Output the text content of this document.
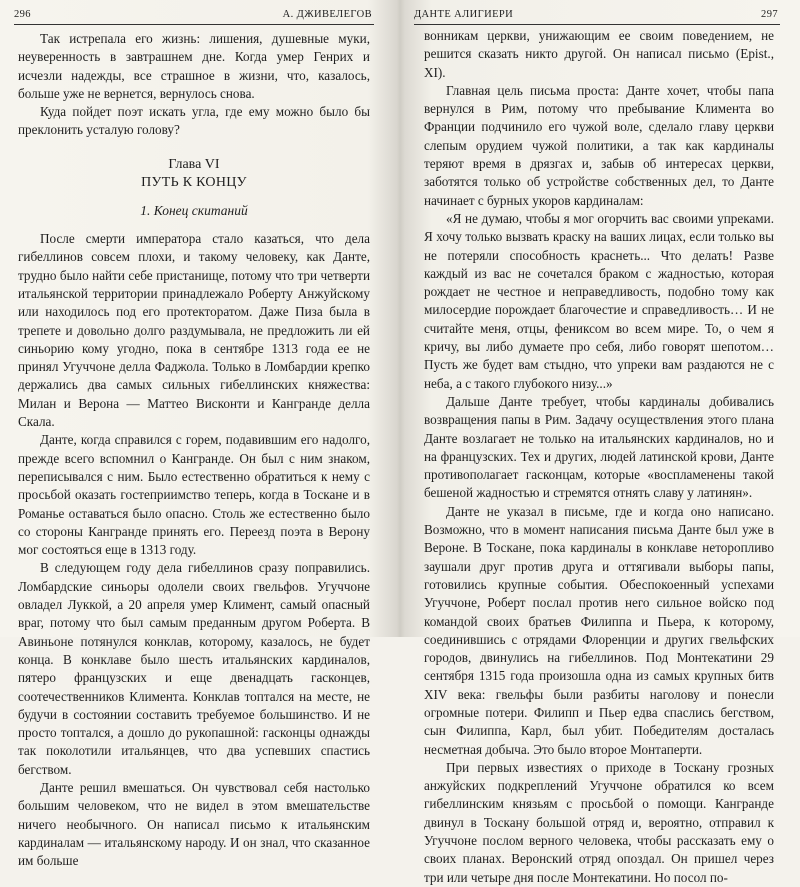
296	А. ДЖИВЕЛЕГОВ

Так истрепала его жизнь: лишения, душевные муки, неуверенность в завтрашнем дне. Когда умер Генрих и исчезли надежды, все страшное в жизни, что, казалось, больше уже не вернется, вернулось снова.

Куда пойдет поэт искать угла, где ему можно было бы преклонить усталую голову?

Глава VI
ПУТЬ К КОНЦУ
1. Конец скитаний

После смерти императора стало казаться, что дела гибеллинов совсем плохи, и такому человеку, как Данте, трудно было найти себе пристанище, потому что три четверти итальянской территории принадлежало Роберту Анжуйскому или находилось под его протекторатом. Даже Пиза была в трепете и довольно долго раздумывала, не предложить ли ей синьорию кому угодно, пока в сентябре 1313 года ее не принял Угуччоне делла Фаджола. Только в Ломбардии крепко держались два самых сильных гибеллинских княжества: Милан и Верона — Маттео Висконти и Кангранде делла Скала.

Данте, когда справился с горем, подавившим его надолго, прежде всего вспомнил о Кангранде. Он был с ним знаком, переписывался с ним. Было естественно обратиться к нему с просьбой оказать гостеприимство теперь, когда в Тоскане и в Романье оставаться было опасно. Столь же естественно было со стороны Кангранде принять его. Переезд поэта в Верону мог состояться еще в 1313 году.

В следующем году дела гибеллинов сразу поправились. Ломбардские синьоры одолели своих гвельфов. Угуччоне овладел Луккой, а 20 апреля умер Климент, самый опасный враг, потому что был самым преданным другом Роберта. В Авиньоне потянулся конклав, которому, казалось, не будет конца. В конклаве было шесть итальянских кардиналов, пятеро французских и еще двенадцать гасконцев, соотечественников Климента. Конклав топтался на месте, не будучи в состоянии составить требуемое большинство. И не просто топтался, а дошло до рукопашной: гасконцы однажды так поколотили итальянцев, что два успевших спастись бегством.

Данте решил вмешаться. Он чувствовал себя настолько большим человеком, что не видел в этом вмешательстве ничего необычного. Он написал письмо к итальянским кардиналам — итальянскому народу. И он знал, что сказанное им больше

ДАНТЕ АЛИГИЕРИ	297

вонникам церкви, унижающим ее своим поведением, не решится сказать никто другой. Он написал письмо (Epist., XI).

Главная цель письма проста: Данте хочет, чтобы папа вернулся в Рим, потому что пребывание Климента во Франции подчинило его чужой воле, сделало главу церкви слепым орудием чужой политики, а так как кардиналы теряют время в дрязгах и, забыв об интересах церкви, заботятся только об устройстве собственных дел, то Данте начинает с бурных укоров кардиналам:

«Я не думаю, чтобы я мог огорчить вас своими упреками. Я хочу только вызвать краску на ваших лицах, если только вы не потеряли способность краснеть... Что делать! Разве каждый из вас не сочетался браком с жадностью, которая рождает не честное и неправедливость, подобно тому как милосердие порождает благочестие и справедливость… И не считайте меня, отцы, фениксом во всем мире. То, о чем я кричу, вы либо думаете про себя, либо говорят шепотом… Пусть же будет вам стыдно, что упреки вам раздаются не с неба, а с такого глубокого низу...»

Дальше Данте требует, чтобы кардиналы добивались возвращения папы в Рим. Задачу осуществления этого плана Данте возлагает не только на итальянских кардиналов, но и на французских. Тех и других, людей латинской крови, Данте противополагает гасконцам, которые «воспламенены такой бешеной жадностью и стремятся отнять славу у латинян».

Данте не указал в письме, где и когда оно написано. Возможно, что в момент написания письма Данте был уже в Вероне. В Тоскане, пока кардиналы в конклаве неторопливо заушали друг против друга и оттягивали выборы папы, готовились крупные события. Обеспокоенный успехами Угуччоне, Роберт послал против него сильное войско под командой своих братьев Филиппа и Пьера, к которому, соединившись с отрядами Флоренции и других гвельфских городов, двинулись на гибеллинов. Под Монтекатини 29 сентября 1315 года произошла одна из самых крупных битв XIV века: гвельфы были разбиты наголову и понесли огромные потери. Филипп и Пьер едва спаслись бегством, сын Филиппа, Карл, был убит. Победителям досталась несметная добыча. Это было второе Монтаперти.

При первых известиях о приходе в Тоскану грозных анжуйских подкреплений Угуччоне обратился ко всем гибеллинским князьям с просьбой о помощи. Кангранде двинул в Тоскану большой отряд и, вероятно, отправил к Угуччоне послом верного человека, чтобы рассказать ему о своих планах. Веронский отряд опоздал. Он пришел через три или четыре дня после Монтекатини. Но посол по-
